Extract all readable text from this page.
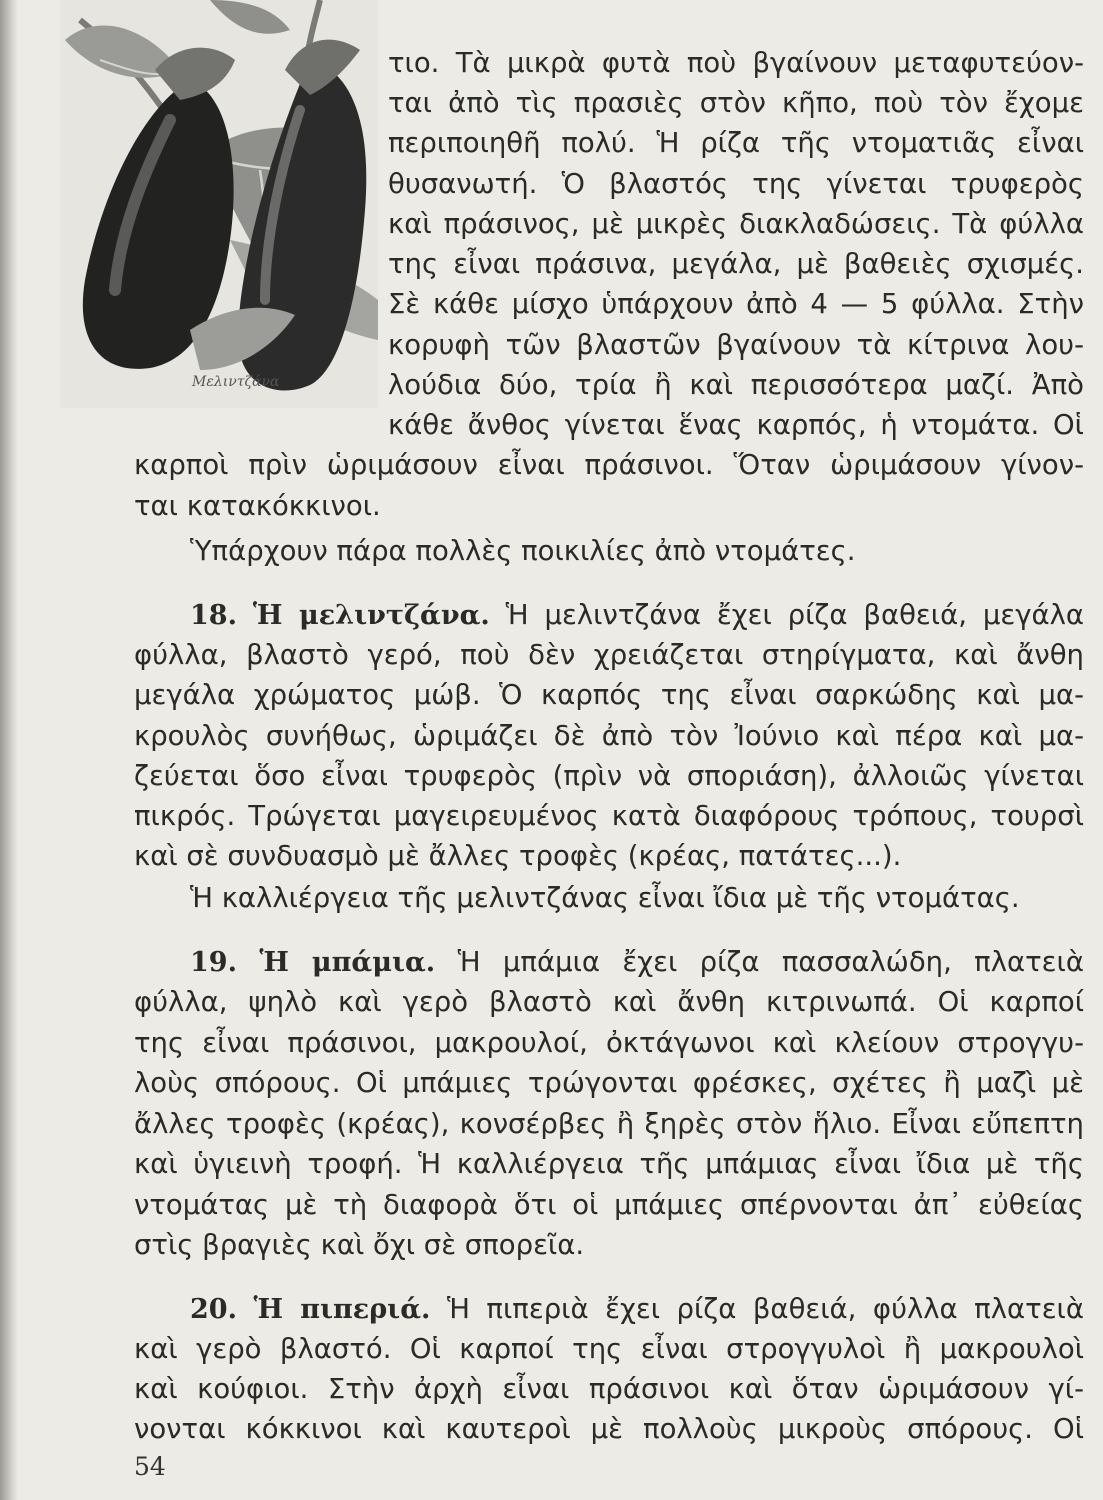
Μελιντζάνα

τιο. Τὰ μικρὰ φυτὰ ποὺ βγαίνουν μεταφυτεύον-

ται ἀπὸ τὶς πρασιὲς στὸν κῆπο, ποὺ τὸν ἔχομε

περιποιηθῆ πολύ. Ἡ ρίζα τῆς ντοματιᾶς εἶναι

θυσανωτή. Ὁ βλαστός της γίνεται τρυφερὸς

καὶ πράσινος, μὲ μικρὲς διακλαδώσεις. Τὰ φύλλα

της εἶναι πράσινα, μεγάλα, μὲ βαθειὲς σχισμές.

Σὲ κάθε μίσχο ὑπάρχουν ἀπὸ 4 — 5 φύλλα. Στὴν

κορυφὴ τῶν βλαστῶν βγαίνουν τὰ κίτρινα λου-

λούδια δύο, τρία ἢ καὶ περισσότερα μαζί. Ἀπὸ

κάθε ἄνθος γίνεται ἕνας καρπός, ἡ ντομάτα. Οἱ

καρποὶ πρὶν ὡριμάσουν εἶναι πράσινοι. Ὅταν ὡριμάσουν γίνον-

ται κατακόκκινοι.

Ὑπάρχουν πάρα πολλὲς ποικιλίες ἀπὸ ντομάτες.

18. Ἡ μελιντζάνα. Ἡ μελιντζάνα ἔχει ρίζα βαθειά, μεγάλα

φύλλα, βλαστὸ γερό, ποὺ δὲν χρειάζεται στηρίγματα, καὶ ἄνθη

μεγάλα χρώματος μώβ. Ὁ καρπός της εἶναι σαρκώδης καὶ μα-

κρουλὸς συνήθως, ὡριμάζει δὲ ἀπὸ τὸν Ἰούνιο καὶ πέρα καὶ μα-

ζεύεται ὅσο εἶναι τρυφερὸς (πρὶν νὰ σποριάση), ἀλλοιῶς γίνεται

πικρός. Τρώγεται μαγειρευμένος κατὰ διαφόρους τρόπους, τουρσὶ

καὶ σὲ συνδυασμὸ μὲ ἄλλες τροφὲς (κρέας, πατάτες...).

Ἡ καλλιέργεια τῆς μελιντζάνας εἶναι ἴδια μὲ τῆς ντομάτας.

19. Ἡ μπάμια. Ἡ μπάμια ἔχει ρίζα πασσαλώδη, πλατειὰ

φύλλα, ψηλὸ καὶ γερὸ βλαστὸ καὶ ἄνθη κιτρινωπά. Οἱ καρποί

της εἶναι πράσινοι, μακρουλοί, ὀκτάγωνοι καὶ κλείουν στρογγυ-

λοὺς σπόρους. Οἱ μπάμιες τρώγονται φρέσκες, σχέτες ἢ μαζὶ μὲ

ἄλλες τροφὲς (κρέας), κονσέρβες ἢ ξηρὲς στὸν ἥλιο. Εἶναι εὔπεπτη

καὶ ὑγιεινὴ τροφή. Ἡ καλλιέργεια τῆς μπάμιας εἶναι ἴδια μὲ τῆς

ντομάτας μὲ τὴ διαφορὰ ὅτι οἱ μπάμιες σπέρνονται ἀπ᾿ εὐθείας

στὶς βραγιὲς καὶ ὄχι σὲ σπορεῖα.

20. Ἡ πιπεριά. Ἡ πιπεριὰ ἔχει ρίζα βαθειά, φύλλα πλατειὰ

καὶ γερὸ βλαστό. Οἱ καρποί της εἶναι στρογγυλοὶ ἢ μακρουλοὶ

καὶ κούφιοι. Στὴν ἀρχὴ εἶναι πράσινοι καὶ ὅταν ὡριμάσουν γί-

νονται κόκκινοι καὶ καυτεροὶ μὲ πολλοὺς μικροὺς σπόρους. Οἱ

54
